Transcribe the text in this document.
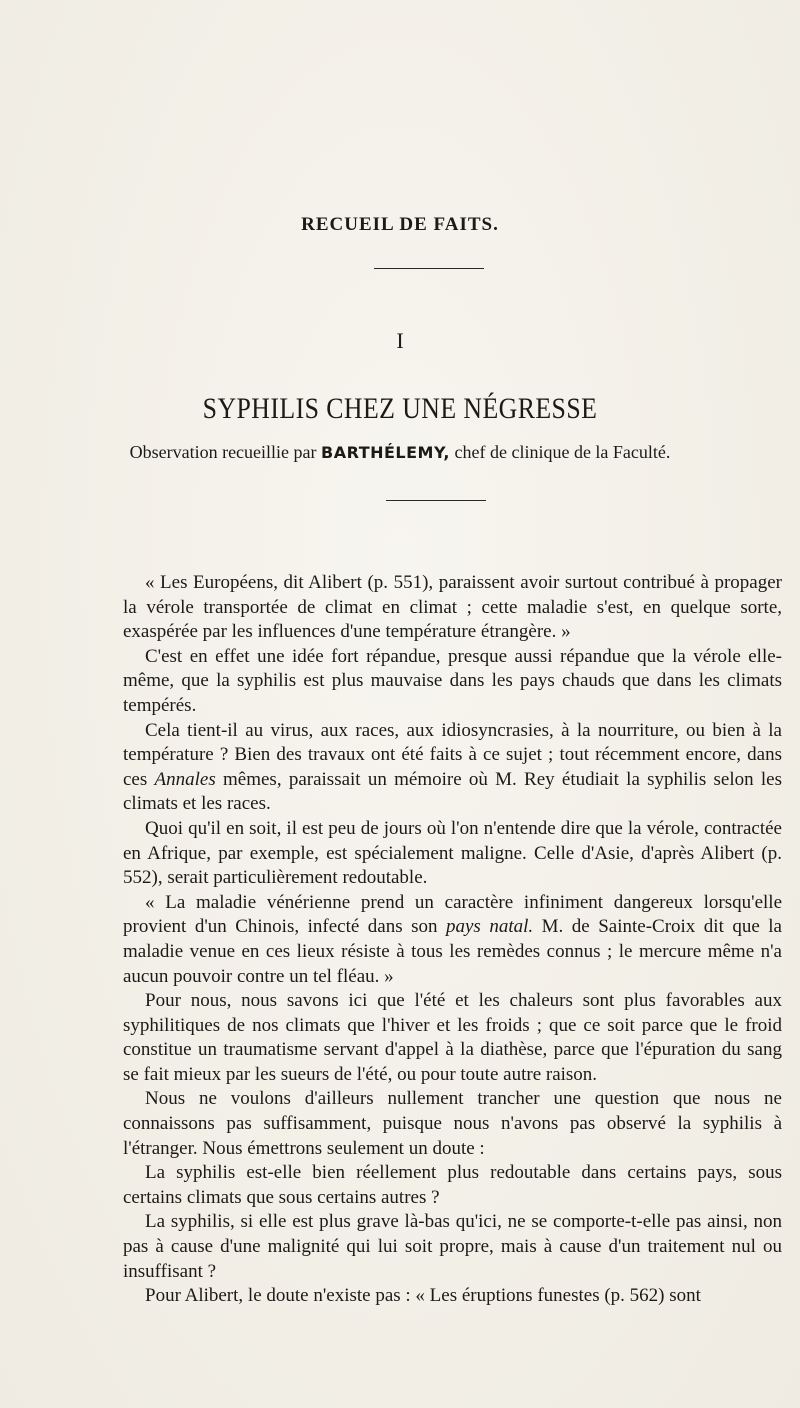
RECUEIL DE FAITS.
I
SYPHILIS CHEZ UNE NÉGRESSE
Observation recueillie par BARTHÉLEMY, chef de clinique de la Faculté.

« Les Européens, dit Alibert (p. 551), paraissent avoir surtout contribué à propager la vérole transportée de climat en climat ; cette maladie s'est, en quelque sorte, exaspérée par les influences d'une température étrangère. »

C'est en effet une idée fort répandue, presque aussi répandue que la vérole elle-même, que la syphilis est plus mauvaise dans les pays chauds que dans les climats tempérés.

Cela tient-il au virus, aux races, aux idiosyncrasies, à la nourriture, ou bien à la température ? Bien des travaux ont été faits à ce sujet ; tout récemment encore, dans ces Annales mêmes, paraissait un mémoire où M. Rey étudiait la syphilis selon les climats et les races.

Quoi qu'il en soit, il est peu de jours où l'on n'entende dire que la vérole, contractée en Afrique, par exemple, est spécialement maligne. Celle d'Asie, d'après Alibert (p. 552), serait particulièrement redoutable.

« La maladie vénérienne prend un caractère infiniment dangereux lorsqu'elle provient d'un Chinois, infecté dans son pays natal. M. de Sainte-Croix dit que la maladie venue en ces lieux résiste à tous les remèdes connus ; le mercure même n'a aucun pouvoir contre un tel fléau. »

Pour nous, nous savons ici que l'été et les chaleurs sont plus favorables aux syphilitiques de nos climats que l'hiver et les froids ; que ce soit parce que le froid constitue un traumatisme servant d'appel à la diathèse, parce que l'épuration du sang se fait mieux par les sueurs de l'été, ou pour toute autre raison.

Nous ne voulons d'ailleurs nullement trancher une question que nous ne connaissons pas suffisamment, puisque nous n'avons pas observé la syphilis à l'étranger. Nous émettrons seulement un doute :

La syphilis est-elle bien réellement plus redoutable dans certains pays, sous certains climats que sous certains autres ?

La syphilis, si elle est plus grave là-bas qu'ici, ne se comporte-t-elle pas ainsi, non pas à cause d'une malignité qui lui soit propre, mais à cause d'un traitement nul ou insuffisant ?

Pour Alibert, le doute n'existe pas : « Les éruptions funestes (p. 562) sont
